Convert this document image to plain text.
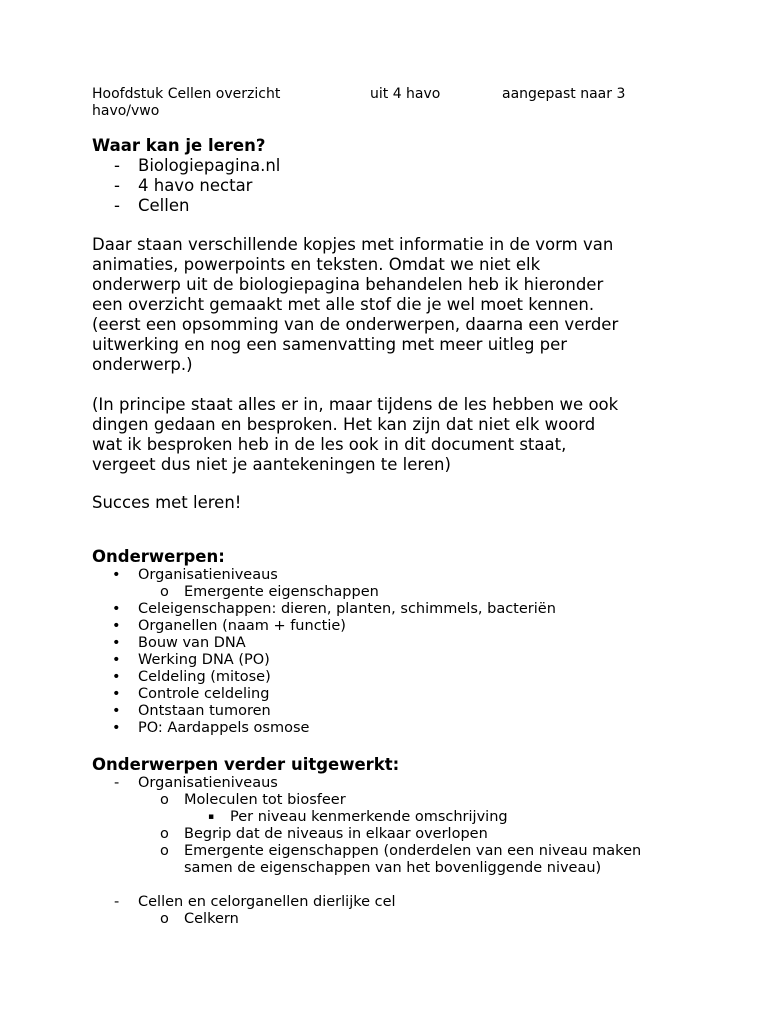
Hoofdstuk Cellen overzicht	uit 4 havo	aangepast naar 3
havo/vwo
Waar kan je leren?
- Biologiepagina.nl
- 4 havo nectar
- Cellen
Daar staan verschillende kopjes met informatie in de vorm van
animaties, powerpoints en teksten. Omdat we niet elk
onderwerp uit de biologiepagina behandelen heb ik hieronder
een overzicht gemaakt met alle stof die je wel moet kennen.
(eerst een opsomming van de onderwerpen, daarna een verder
uitwerking en nog een samenvatting met meer uitleg per
onderwerp.)
(In principe staat alles er in, maar tijdens de les hebben we ook
dingen gedaan en besproken. Het kan zijn dat niet elk woord
wat ik besproken heb in de les ook in dit document staat,
vergeet dus niet je aantekeningen te leren)
Succes met leren!
Onderwerpen:
• Organisatieniveaus
o Emergente eigenschappen
• Celeigenschappen: dieren, planten, schimmels, bacteriën
• Organellen (naam + functie)
• Bouw van DNA
• Werking DNA (PO)
• Celdeling (mitose)
• Controle celdeling
• Ontstaan tumoren
• PO: Aardappels osmose
Onderwerpen verder uitgewerkt:
- Organisatieniveaus
o Moleculen tot biosfeer
▪ Per niveau kenmerkende omschrijving
o Begrip dat de niveaus in elkaar overlopen
o Emergente eigenschappen (onderdelen van een niveau maken
samen de eigenschappen van het bovenliggende niveau)
- Cellen en celorganellen dierlijke cel
o Celkern
